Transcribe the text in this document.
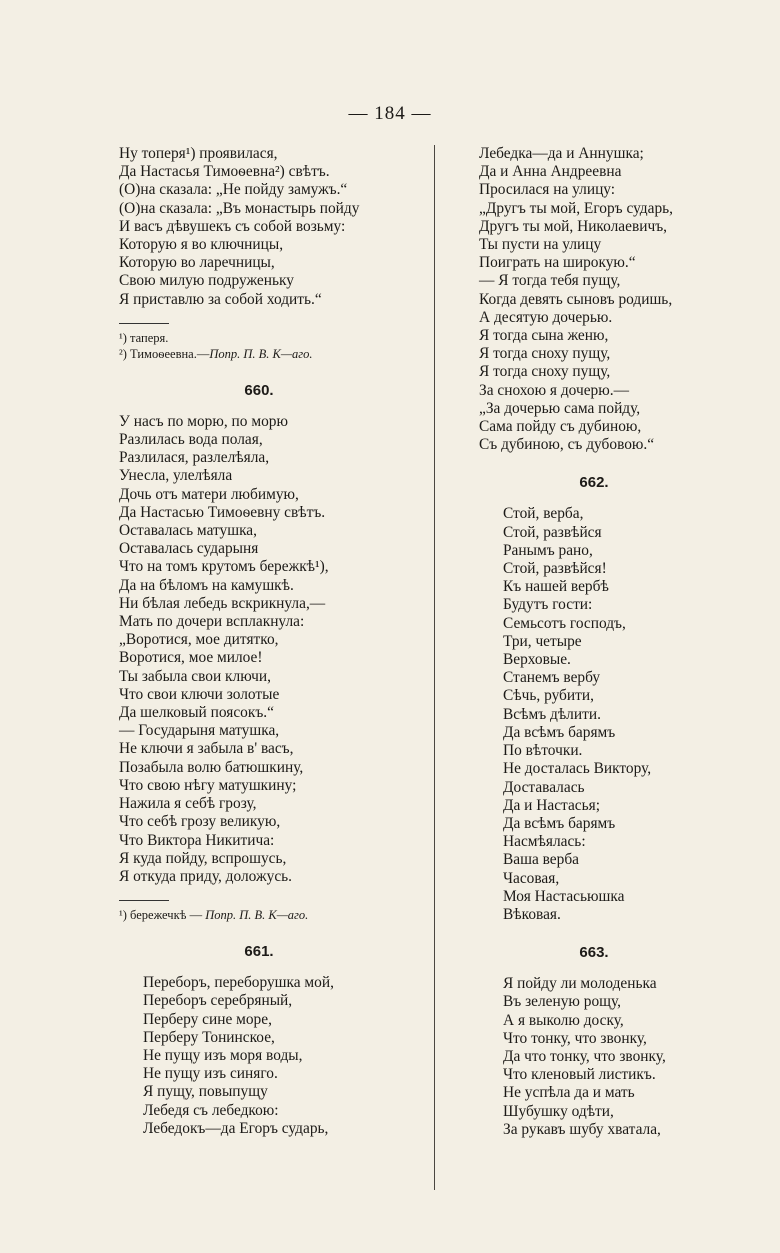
— 184 —
Ну топеря¹) проявилася,
Да Настасья Тимоѳевна²) свѣтъ.
(О)на сказала: „Не пойду замужъ.“
(О)на сказала: „Въ монастырь пойду
И васъ дѣвушекъ съ собой возьму:
Которую я во ключницы,
Которую во ларечницы,
Свою милую подруженьку
Я приставлю за собой ходить.“
¹) таперя.
²) Тимоѳеевна.—Попр. П. В. К—аго.
660.
У насъ по морю, по морю
Разлилась вода полая,
Разлилася, разлелѣяла,
Унесла, улелѣяла
Дочь отъ матери любимую,
Да Настасью Тимоѳевну свѣтъ.
Оставалась матушка,
Оставалась сударыня
Что на томъ крутомъ бережкѣ¹),
Да на бѣломъ на камушкѣ.
Ни бѣлая лебедь вскрикнула,—
Мать по дочери всплакнула:
„Воротися, мое дитятко,
Воротися, мое милое!
Ты забыла свои ключи,
Что свои ключи золотые
Да шелковый поясокъ.“
— Государыня матушка,
Не ключи я забыла в' васъ,
Позабыла волю батюшкину,
Что свою нѣгу матушкину;
Нажила я себѣ грозу,
Что себѣ грозу великую,
Что Виктора Никитича:
Я куда пойду, вспрошусь,
Я откуда приду, доложусь.
¹) бережечкѣ — Попр. П. В. К—аго.
661.
Переборъ, переборушка мой,
Переборъ серебряный,
Перберу сине море,
Перберу Тонинское,
Не пущу изъ моря воды,
Не пущу изъ синяго.
Я пущу, повыпущу
Лебедя съ лебедкою:
Лебедокъ—да Егоръ сударь,
Лебедка—да и Аннушка;
Да и Анна Андреевна
Просилася на улицу:
„Другъ ты мой, Егоръ сударь,
Другъ ты мой, Николаевичъ,
Ты пусти на улицу
Поиграть на широкую.“
— Я тогда тебя пущу,
Когда девять сыновъ родишь,
А десятую дочерью.
Я тогда сына женю,
Я тогда сноху пущу,
Я тогда сноху пущу,
За снохою я дочерю.—
„За дочерью сама пойду,
Сама пойду съ дубиною,
Съ дубиною, съ дубовою.“
662.
Стой, верба,
Стой, развѣйся
Ранымъ рано,
Стой, развѣйся!
Къ нашей вербѣ
Будутъ гости:
Семьсотъ господъ,
Три, четыре
Верховые.
Станемъ вербу
Сѣчь, рубити,
Всѣмъ дѣлити.
Да всѣмъ барямъ
По вѣточки.
Не досталась Виктору,
Доставалась
Да и Настасья;
Да всѣмъ барямъ
Насмѣялась:
Ваша верба
Часовая,
Моя Настасьюшка
Вѣковая.
663.
Я пойду ли молоденька
Въ зеленую рощу,
А я выколю доску,
Что тонку, что звонку,
Да что тонку, что звонку,
Что кленовый листикъ.
Не успѣла да и мать
Шубушку одѣти,
За рукавъ шубу хватала,
